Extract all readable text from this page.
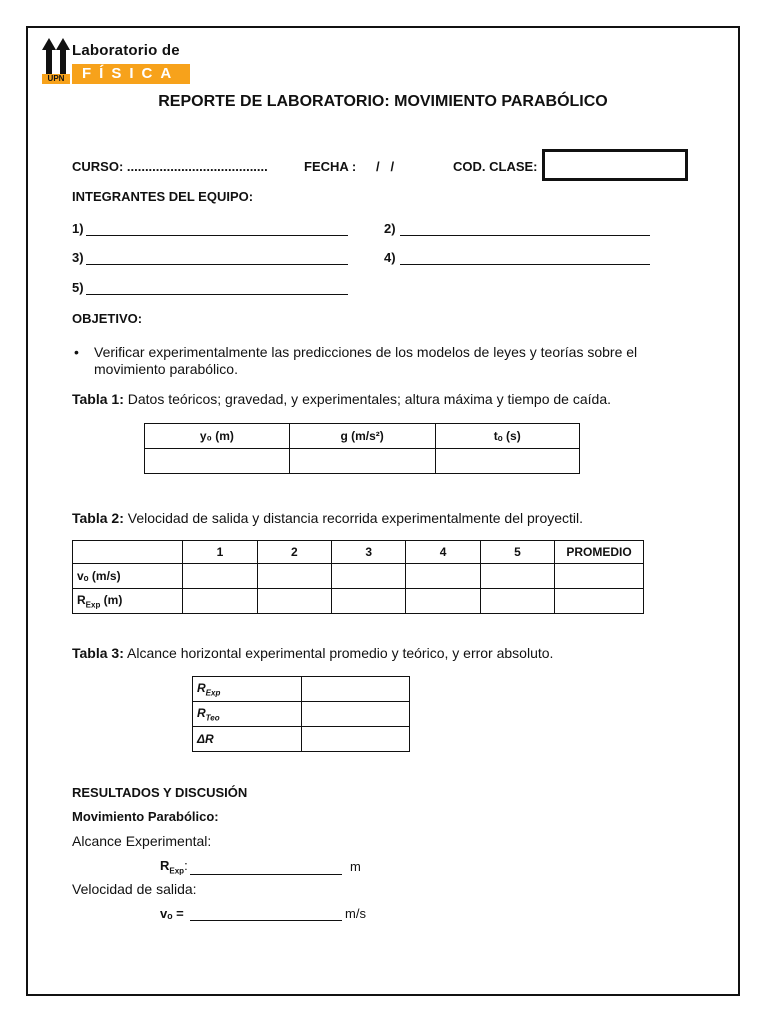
UPN
Laboratorio de
FÍSICA
REPORTE DE LABORATORIO: MOVIMIENTO PARABÓLICO
CURSO: .......................................	FECHA : /   /	COD. CLASE:
INTEGRANTES DEL EQUIPO:
1)	2)
3)	4)
5)
OBJETIVO:
• Verificar experimentalmente las predicciones de los modelos de leyes y teorías sobre el
movimiento parabólico.
Tabla 1: Datos teóricos; gravedad, y experimentales; altura máxima y tiempo de caída.
y₀ (m)	g (m/s²)	tₒ (s)

Tabla 2: Velocidad de salida y distancia recorrida experimentalmente del proyectil.
	1	2	3	4	5	PROMEDIO
vₒ (m/s)						
$R_{Exp}$ (m)						
Tabla 3: Alcance horizontal experimental promedio y teórico, y error absoluto.
$R_{Exp}$	
$R_{Teo}$	
ΔR	
RESULTADOS Y DISCUSIÓN
Movimiento Parabólico:
Alcance Experimental:
$R_{Exp}$:	m
Velocidad de salida:
vₒ =	m/s
